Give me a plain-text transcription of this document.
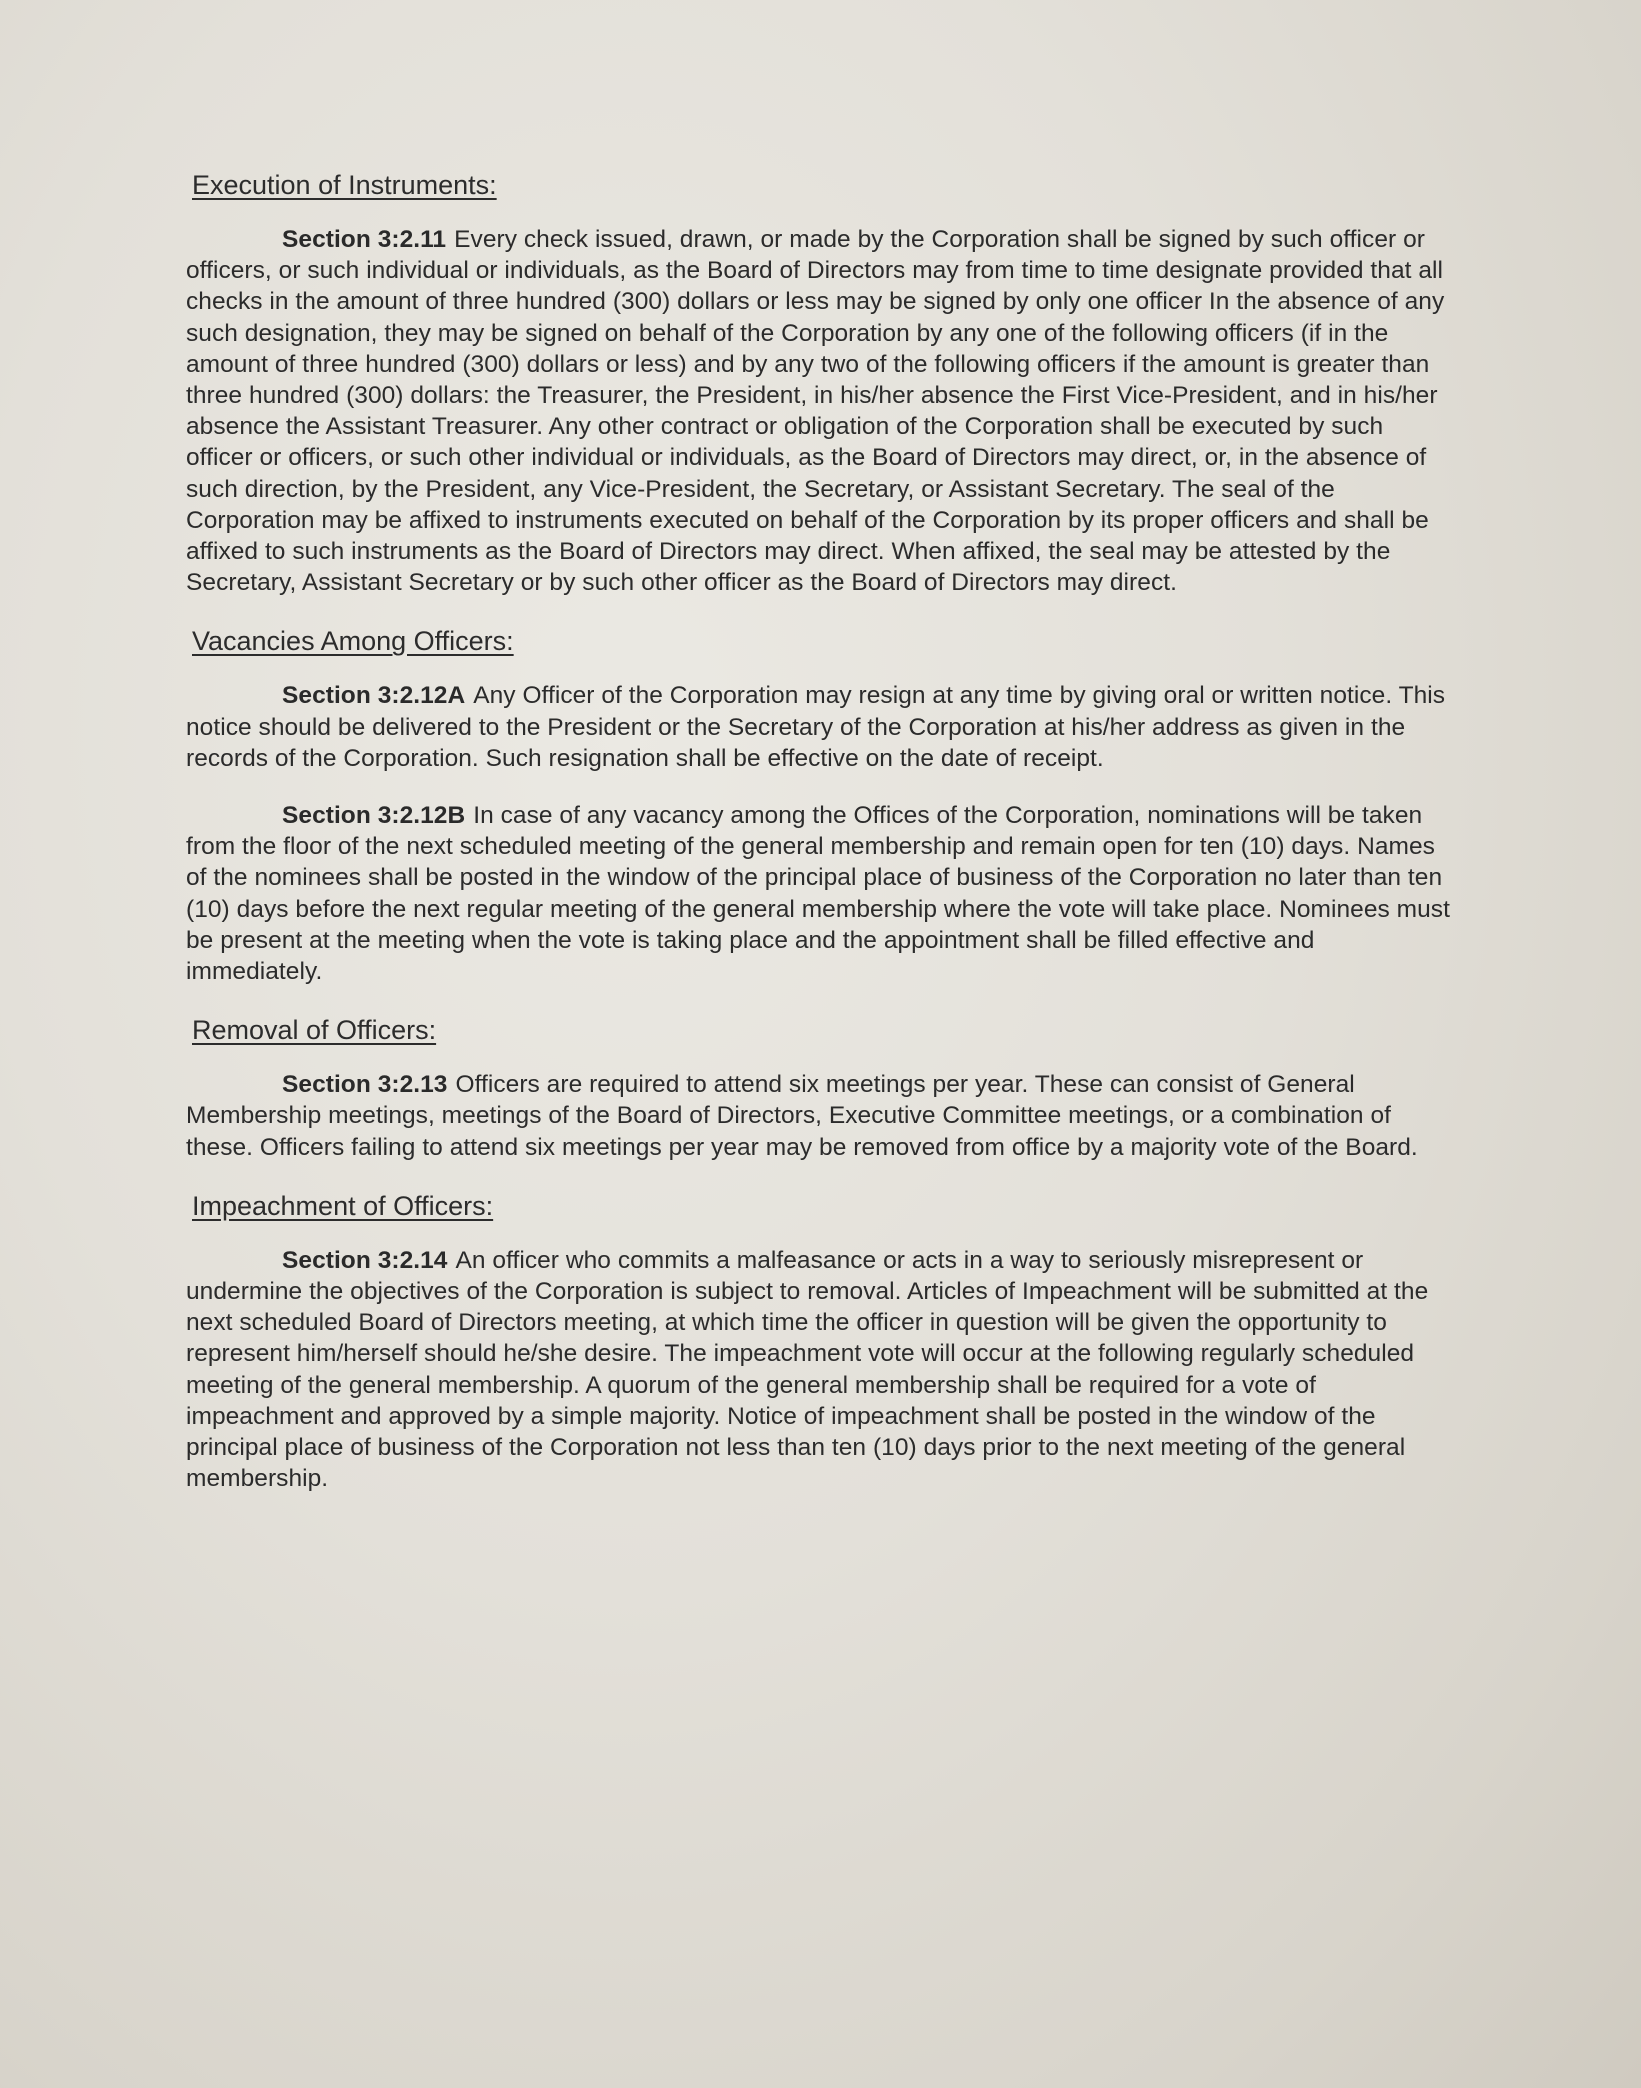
Execution of Instruments:

Section 3:2.11 Every check issued, drawn, or made by the Corporation shall be signed by such officer or officers, or such individual or individuals, as the Board of Directors may from time to time designate provided that all checks in the amount of three hundred (300) dollars or less may be signed by only one officer In the absence of any such designation, they may be signed on behalf of the Corporation by any one of the following officers (if in the amount of three hundred (300) dollars or less) and by any two of the following officers if the amount is greater than three hundred (300) dollars: the Treasurer, the President, in his/her absence the First Vice-President, and in his/her absence the Assistant Treasurer. Any other contract or obligation of the Corporation shall be executed by such officer or officers, or such other individual or individuals, as the Board of Directors may direct, or, in the absence of such direction, by the President, any Vice-President, the Secretary, or Assistant Secretary. The seal of the Corporation may be affixed to instruments executed on behalf of the Corporation by its proper officers and shall be affixed to such instruments as the Board of Directors may direct. When affixed, the seal may be attested by the Secretary, Assistant Secretary or by such other officer as the Board of Directors may direct.

Vacancies Among Officers:

Section 3:2.12A Any Officer of the Corporation may resign at any time by giving oral or written notice. This notice should be delivered to the President or the Secretary of the Corporation at his/her address as given in the records of the Corporation. Such resignation shall be effective on the date of receipt.

Section 3:2.12B In case of any vacancy among the Offices of the Corporation, nominations will be taken from the floor of the next scheduled meeting of the general membership and remain open for ten (10) days. Names of the nominees shall be posted in the window of the principal place of business of the Corporation no later than ten (10) days before the next regular meeting of the general membership where the vote will take place. Nominees must be present at the meeting when the vote is taking place and the appointment shall be filled effective and immediately.

Removal of Officers:

Section 3:2.13 Officers are required to attend six meetings per year. These can consist of General Membership meetings, meetings of the Board of Directors, Executive Committee meetings, or a combination of these. Officers failing to attend six meetings per year may be removed from office by a majority vote of the Board.

Impeachment of Officers:

Section 3:2.14 An officer who commits a malfeasance or acts in a way to seriously misrepresent or undermine the objectives of the Corporation is subject to removal. Articles of Impeachment will be submitted at the next scheduled Board of Directors meeting, at which time the officer in question will be given the opportunity to represent him/herself should he/she desire. The impeachment vote will occur at the following regularly scheduled meeting of the general membership. A quorum of the general membership shall be required for a vote of impeachment and approved by a simple majority. Notice of impeachment shall be posted in the window of the principal place of business of the Corporation not less than ten (10) days prior to the next meeting of the general membership.
